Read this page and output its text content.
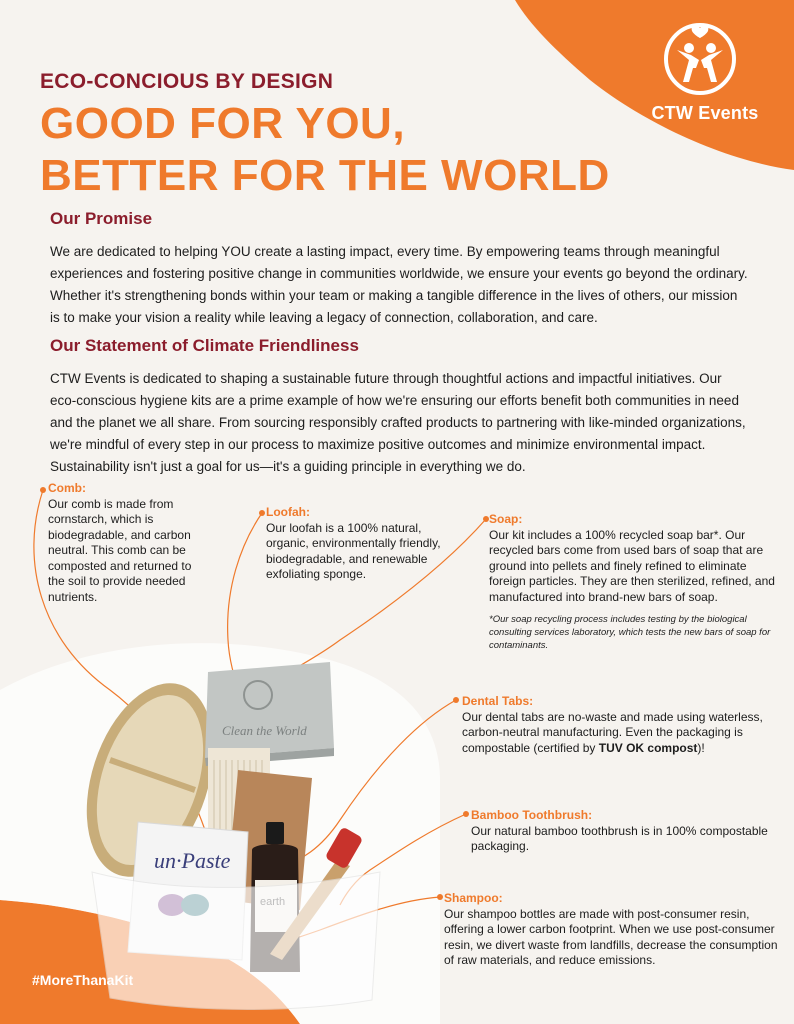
Clean the World
un·Paste
CTW Events
ECO-CONCIOUS BY DESIGN
GOOD FOR YOU,
BETTER FOR THE WORLD
Our Promise

We are dedicated to helping YOU create a lasting impact, every time. By empowering teams through meaningful experiences and fostering positive change in communities worldwide, we ensure your events go beyond the ordinary. Whether it's strengthening bonds within your team or making a tangible difference in the lives of others, our mission is to make your vision a reality while leaving a legacy of connection, collaboration, and care.

Our Statement of Climate Friendliness

CTW Events is dedicated to shaping a sustainable future through thoughtful actions and impactful initiatives. Our eco-conscious hygiene kits are a prime example of how we're ensuring our efforts benefit both communities in need and the planet we all share. From sourcing responsibly crafted products to partnering with like-minded organizations, we're mindful of every step in our process to maximize positive outcomes and minimize environmental impact. Sustainability isn't just a goal for us—it's a guiding principle in everything we do.

Comb:
Our comb is made from cornstarch, which is biodegradable, and carbon neutral. This comb can be composted and returned to the soil to provide needed nutrients.
Loofah:
Our loofah is a 100% natural, organic, environmentally friendly, biodegradable, and renewable exfoliating sponge.
Soap:
Our kit includes a 100% recycled soap bar*. Our recycled bars come from used bars of soap that are ground into pellets and finely refined to eliminate foreign particles. They are then sterilized, refined, and manufactured into brand-new bars of soap.
*Our soap recycling process includes testing by the biological consulting services laboratory, which tests the new bars of soap for contaminants.
Dental Tabs:
Our dental tabs are no-waste and made using waterless, carbon-neutral manufacturing. Even the packaging is compostable (certified by TUV OK compost)!
Bamboo Toothbrush:
Our natural bamboo toothbrush is in 100% compostable packaging.
Shampoo:
Our shampoo bottles are made with post-consumer resin, offering a lower carbon footprint. When we use post-consumer resin, we divert waste from landfills, decrease the consumption of raw materials, and reduce emissions.
#MoreThanaKit
